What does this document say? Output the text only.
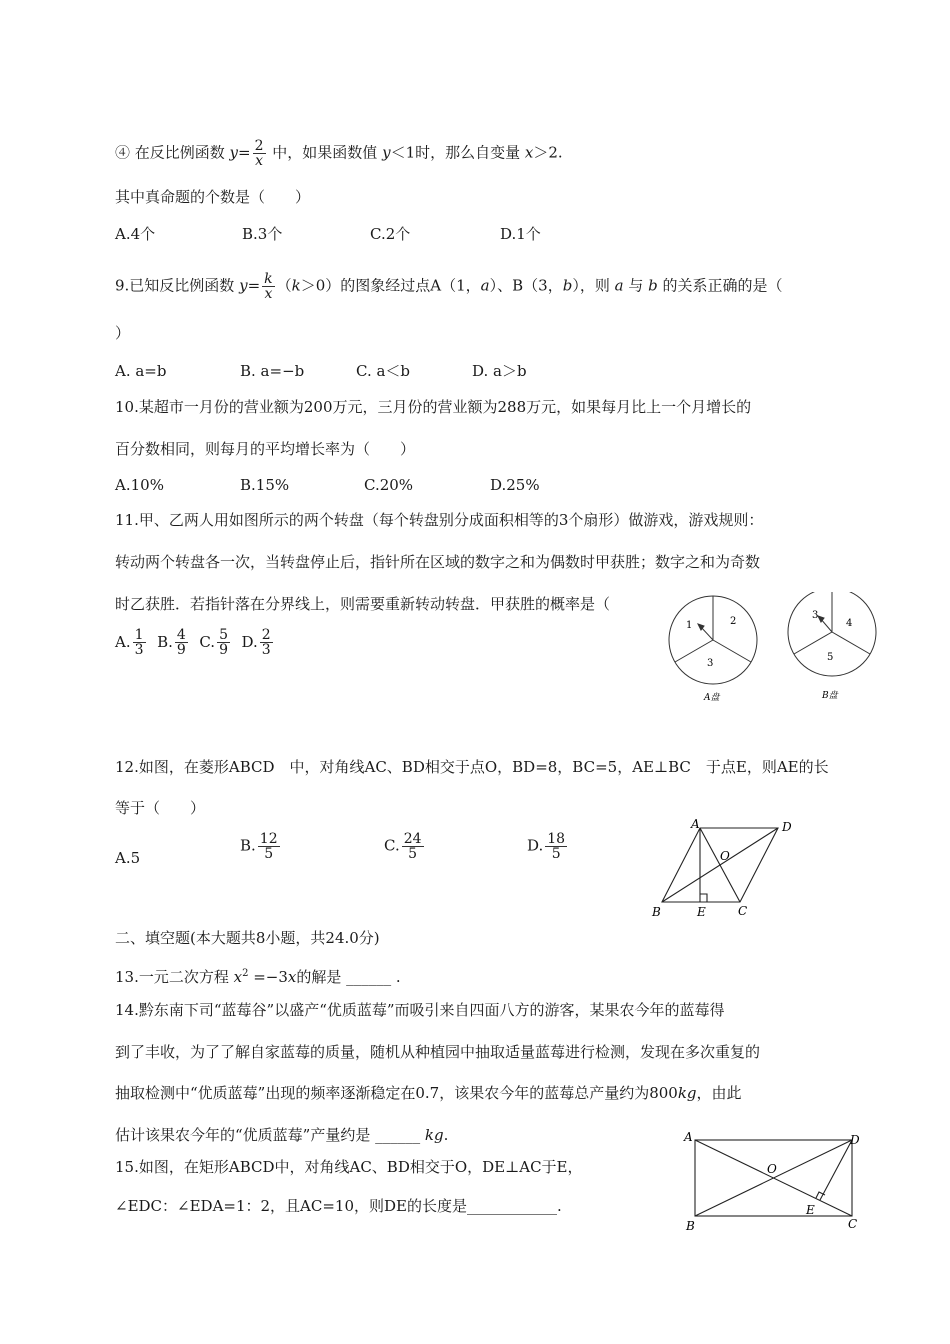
④ 在反比例函数 $y= \frac{2}{x}$ 中，如果函数值 y＜1时，那么自变量 x＞2.
其中真命题的个数是（　　）
A.4个	B.3个	C.2个	D.1个
9.已知反比例函数 $y= \frac{k}{x} (k>0)$的图象经过点A（1，a）、B（3，b），则 a 与 b 的关系正确的是（
）
A. a=b	B. a=−b	C. a＜b	D. a＞b
10.某超市一月份的营业额为200万元，三月份的营业额为288万元，如果每月比上一个月增长的
百分数相同，则每月的平均增长率为（　　）
A.10%	B.15%	C.20%	D.25%
11.甲、乙两人用如图所示的两个转盘（每个转盘别分成面积相等的3个扇形）做游戏，游戏规则：
转动两个转盘各一次，当转盘停止后，指针所在区域的数字之和为偶数时甲获胜；数字之和为奇数
时乙获胜．若指针落在分界线上，则需要重新转动转盘．甲获胜的概率是（
A. $\frac{1}{3} B$. $\frac{4}{9} C$. $\frac{5}{9} D$. $\frac{2}{3}$
1	2
3
A盘
3
4
5
B盘
12.如图，在菱形ABCD　中，对角线AC、BD相交于点O，BD=8，BC=5，AE⊥BC　于点E，则AE的长
等于（　　）
A.5
B. $\frac{12}{5}$	C. $\frac{24}{5}$	D. $\frac{18}{5}$
A	D
O
B	E	C
二、填空题(本大题共8小题，共24.0分)
13.一元二次方程 $x^2 =-3x$的解是 ______ .
14.黔东南下司“蓝莓谷”以盛产“优质蓝莓”而吸引来自四面八方的游客，某果农今年的蓝莓得
到了丰收，为了了解自家蓝莓的质量，随机从种植园中抽取适量蓝莓进行检测，发现在多次重复的
抽取检测中“优质蓝莓”出现的频率逐渐稳定在0.7，该果农今年的蓝莓总产量约为800kg，由此
估计该果农今年的“优质蓝莓”产量约是 ______ kg.
15.如图，在矩形ABCD中，对角线AC、BD相交于O，DE⊥AC于E，
∠EDC：∠EDA=1：2，且AC=10，则DE的长度是____________.
A	D
O
B
E
C
